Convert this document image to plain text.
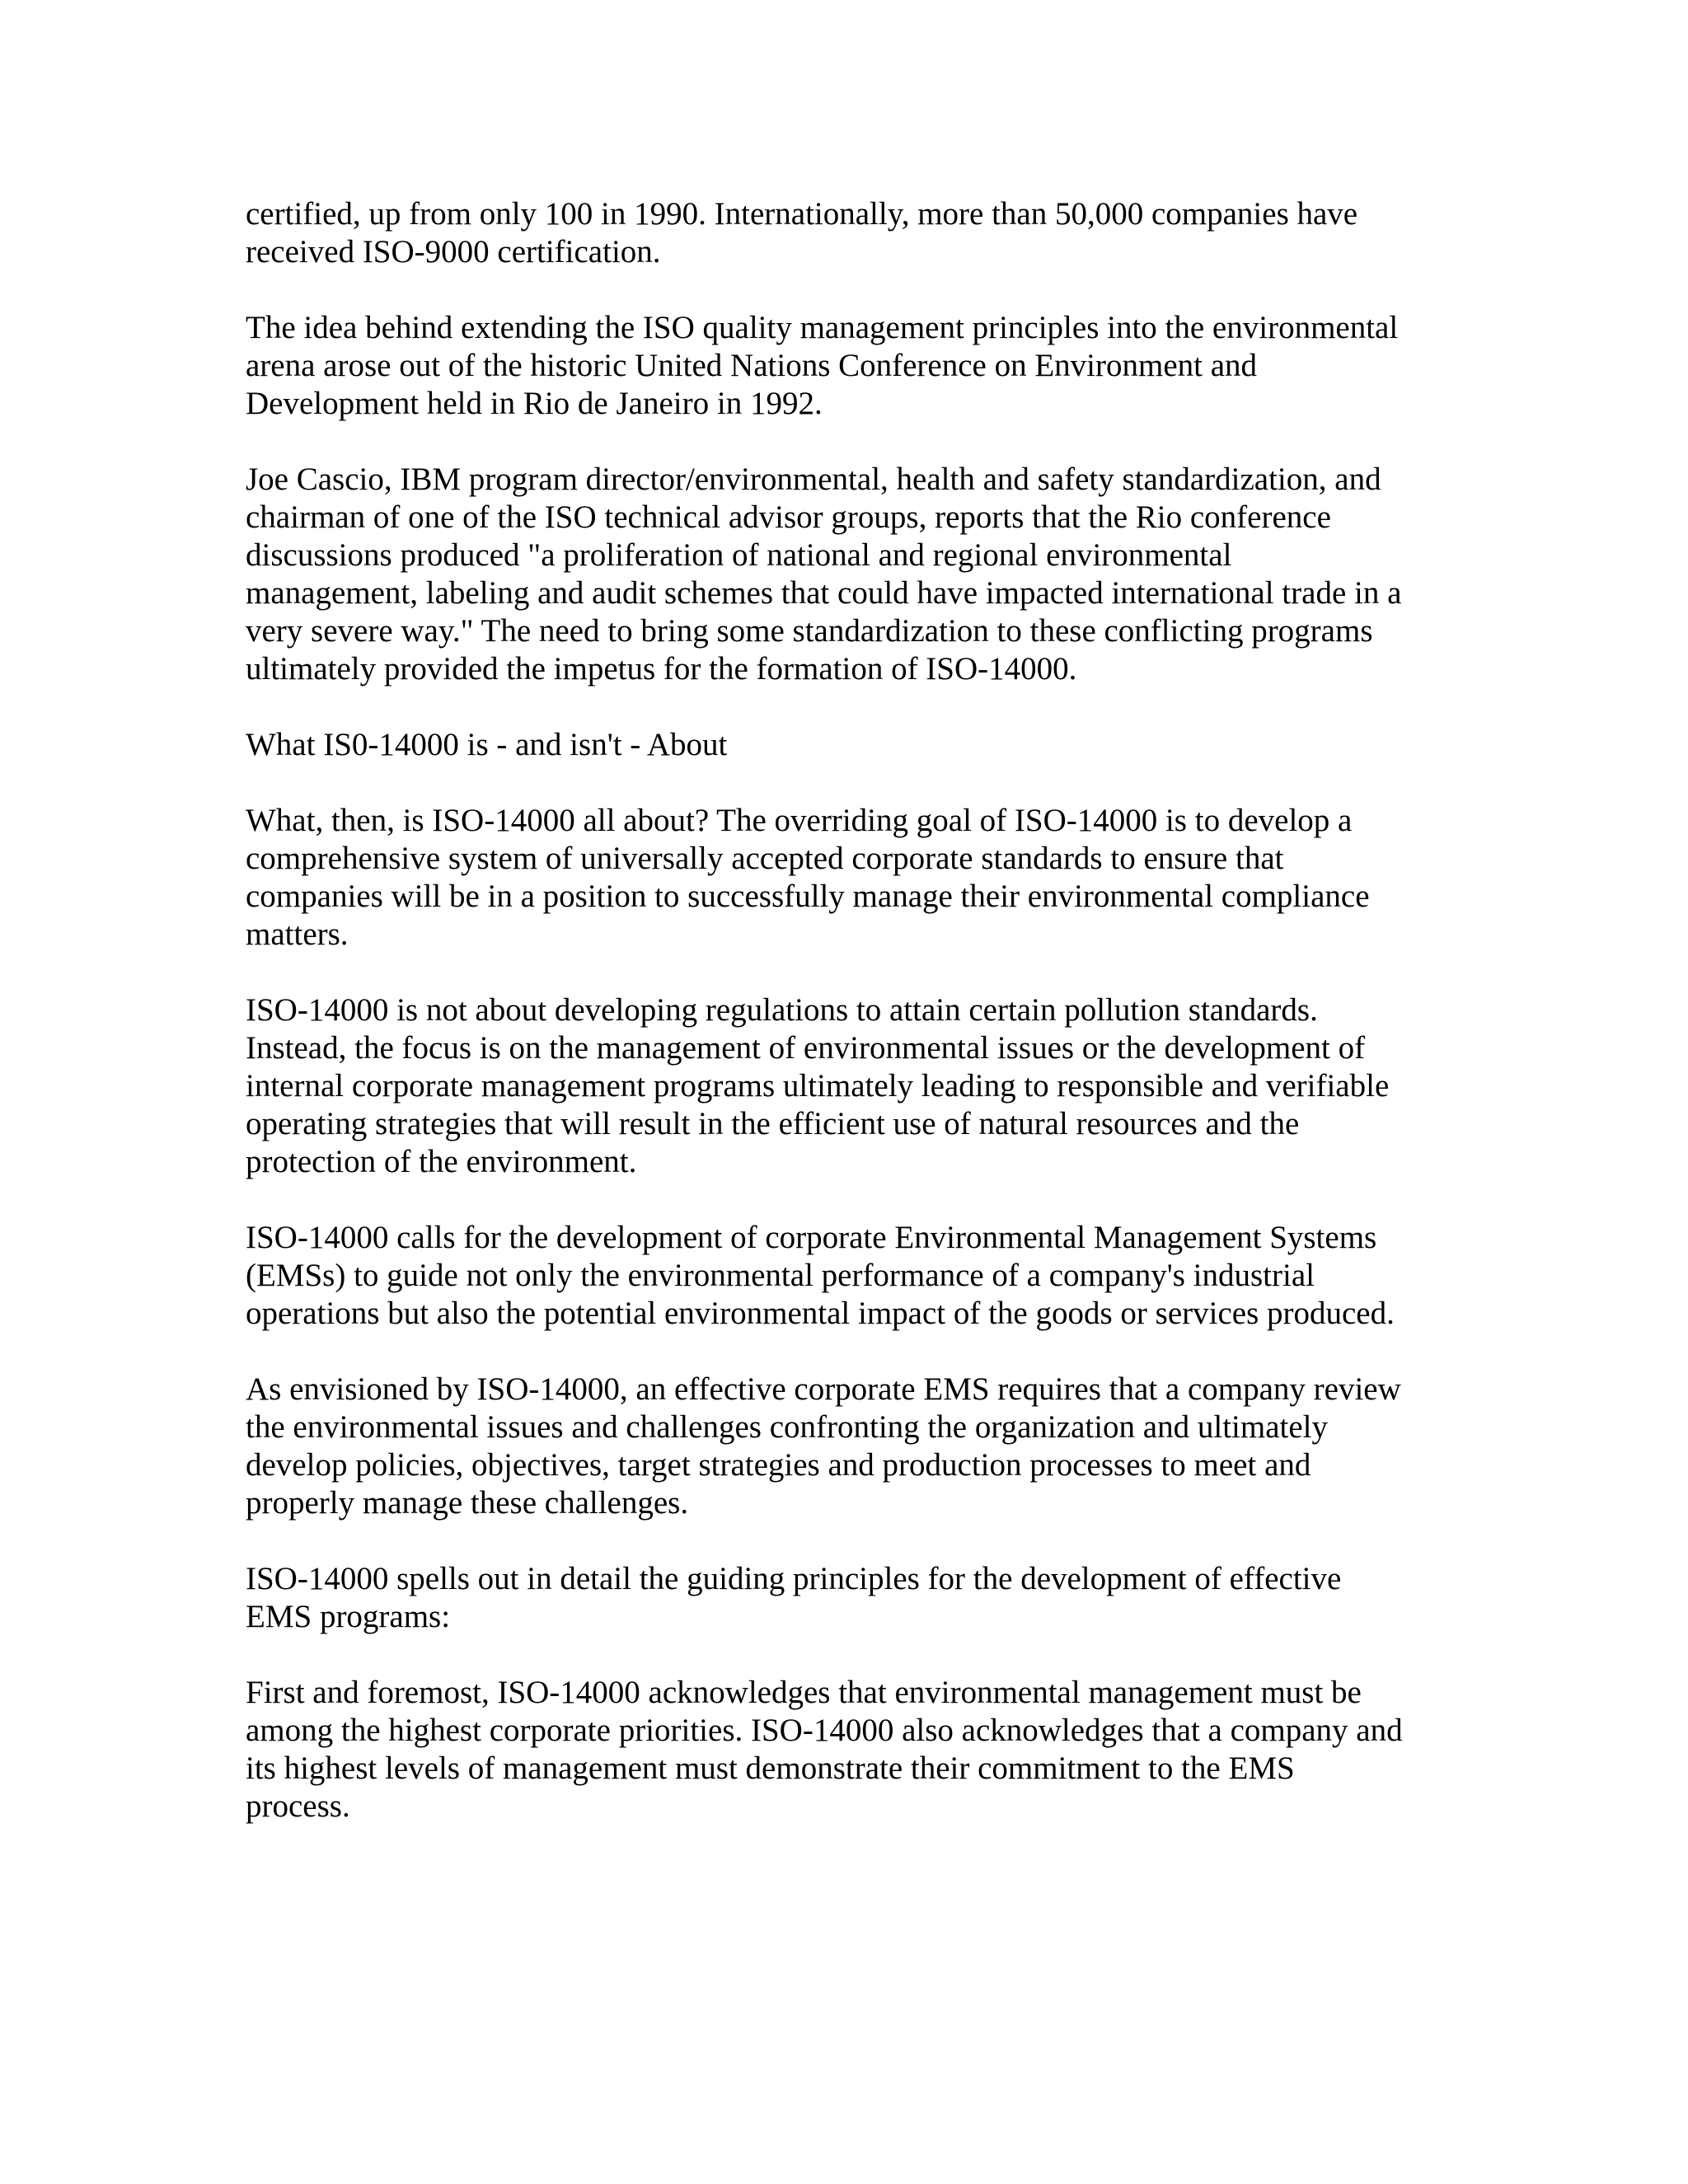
certified, up from only 100 in 1990. Internationally, more than 50,000 companies have
received ISO-9000 certification.

The idea behind extending the ISO quality management principles into the environmental
arena arose out of the historic United Nations Conference on Environment and
Development held in Rio de Janeiro in 1992.

Joe Cascio, IBM program director/environmental, health and safety standardization, and
chairman of one of the ISO technical advisor groups, reports that the Rio conference
discussions produced "a proliferation of national and regional environmental
management, labeling and audit schemes that could have impacted international trade in a
very severe way." The need to bring some standardization to these conflicting programs
ultimately provided the impetus for the formation of ISO-14000.

What IS0-14000 is - and isn't - About

What, then, is ISO-14000 all about? The overriding goal of ISO-14000 is to develop a
comprehensive system of universally accepted corporate standards to ensure that
companies will be in a position to successfully manage their environmental compliance
matters.

ISO-14000 is not about developing regulations to attain certain pollution standards.
Instead, the focus is on the management of environmental issues or the development of
internal corporate management programs ultimately leading to responsible and verifiable
operating strategies that will result in the efficient use of natural resources and the
protection of the environment.

ISO-14000 calls for the development of corporate Environmental Management Systems
(EMSs) to guide not only the environmental performance of a company's industrial
operations but also the potential environmental impact of the goods or services produced.

As envisioned by ISO-14000, an effective corporate EMS requires that a company review
the environmental issues and challenges confronting the organization and ultimately
develop policies, objectives, target strategies and production processes to meet and
properly manage these challenges.

ISO-14000 spells out in detail the guiding principles for the development of effective
EMS programs:

First and foremost, ISO-14000 acknowledges that environmental management must be
among the highest corporate priorities. ISO-14000 also acknowledges that a company and
its highest levels of management must demonstrate their commitment to the EMS
process.
